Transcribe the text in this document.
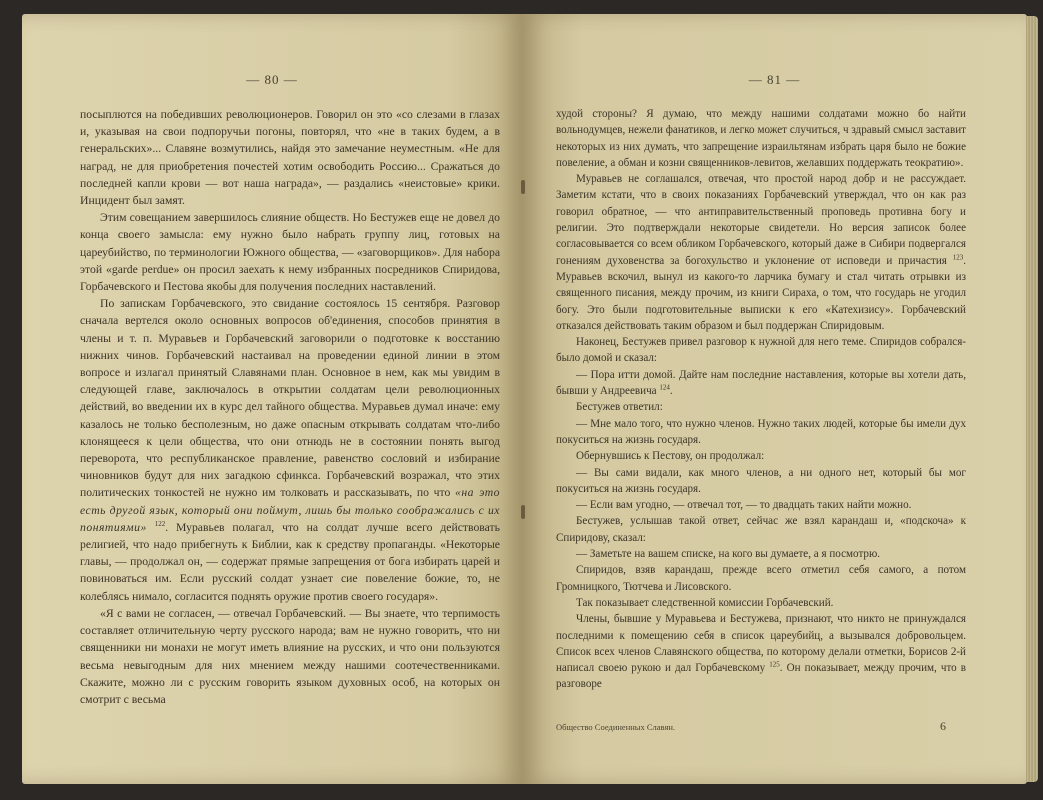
— 80 —

посыплются на победивших революционеров. Говорил он это «со слезами в глазах и, указывая на свои подпоручьи погоны, повторял, что «не в таких будем, а в генеральских»... Славяне возмутились, найдя это замечание неуместным. «Не для наград, не для приобретения почестей хотим освободить Россию... Сражаться до последней капли крови — вот наша награда», — раздались «неистовые» крики. Инцидент был замят.

Этим совещанием завершилось слияние обществ. Но Бестужев еще не довел до конца своего замысла: ему нужно было набрать группу лиц, готовых на цареубийство, по терминологии Южного общества, — «заговорщиков». Для набора этой «garde perdue» он просил заехать к нему избранных посредников Спиридова, Горбачевского и Пестова якобы для получения последних наставлений.

По запискам Горбачевского, это свидание состоялось 15 сентября. Разговор сначала вертелся около основных вопросов об'единения, способов принятия в члены и т. п. Муравьев и Горбачевский заговорили о подготовке к восстанию нижних чинов. Горбачевский настаивал на проведении единой линии в этом вопросе и излагал принятый Славянами план. Основное в нем, как мы увидим в следующей главе, заключалось в открытии солдатам цели революционных действий, во введении их в курс дел тайного общества. Муравьев думал иначе: ему казалось не только бесполезным, но даже опасным открывать солдатам что-либо клонящееся к цели общества, что они отнюдь не в состоянии понять выгод переворота, что республиканское правление, равенство сословий и избирание чиновников будут для них загадкою сфинкса. Горбачевский возражал, что этих политических тонкостей не нужно им толковать и рассказывать, по что «на это есть другой язык, который они поймут, лишь бы только соображались с их понятиями» $^{122}$. Муравьев полагал, что на солдат лучше всего действовать религией, что надо прибегнуть к Библии, как к средству пропаганды. «Некоторые главы, — продолжал он, — содержат прямые запрещения от бога избирать царей и повиноваться им. Если русский солдат узнает сие повеление божие, то, не колеблясь нимало, согласится поднять оружие против своего государя».

«Я с вами не согласен, — отвечал Горбачевский. — Вы знаете, что терпимость составляет отличительную черту русского народа; вам не нужно говорить, что ни священники ни монахи не могут иметь влияние на русских, и что они пользуются весьма невыгодным для них мнением между нашими соотечественниками. Скажите, можно ли с русским говорить языком духовных особ, на которых он смотрит с весьма

— 81 —

худой стороны? Я думаю, что между нашими солдатами можно бо найти вольнодумцев, нежели фанатиков, и легко может случиться, ч здравый смысл заставит некоторых из них думать, что запрещение израильтянам избрать царя было не божие повеление, а обман и козни священников-левитов, желавших поддержать теократию».

Муравьев не соглашался, отвечая, что простой народ добр и не рассуждает. Заметим кстати, что в своих показаниях Горбачевский утверждал, что он как раз говорил обратное, — что антиправительственный проповедь противна богу и религии. Это подтверждали некоторые свидетели. Но версия записок более согласовывается со всем обликом Горбачевского, который даже в Сибири подвергался гонениям духовенства за богохульство и уклонение от исповеди и причастия $^{123}$. Муравьев вскочил, вынул из какого-то ларчика бумагу и стал читать отрывки из священного писания, между прочим, из книги Сираха, о том, что государь не угодил богу. Это были подготовительные выписки к его «Катехизису». Горбачевский отказался действовать таким образом и был поддержан Спиридовым.

Наконец, Бестужев привел разговор к нужной для него теме. Спиридов собрался-было домой и сказал:

— Пора итти домой. Дайте нам последние наставления, которые вы хотели дать, бывши у Андреевича $^{124}$.

Бестужев ответил:

— Мне мало того, что нужно членов. Нужно таких людей, которые бы имели дух покуситься на жизнь государя.

Обернувшись к Пестову, он продолжал:

— Вы сами видали, как много членов, а ни одного нет, который бы мог покуситься на жизнь государя.

— Если вам угодно, — отвечал тот, — то двадцать таких найти можно.

Бестужев, услышав такой ответ, сейчас же взял карандаш и, «подскоча» к Спиридову, сказал:

— Заметьте на вашем списке, на кого вы думаете, а я посмотрю.

Спиридов, взяв карандаш, прежде всего отметил себя самого, а потом Громницкого, Тютчева и Лисовского.

Так показывает следственной комиссии Горбачевский.

Члены, бывшие у Муравьева и Бестужева, признают, что никто не принуждался последними к помещению себя в список цареубийц, а вызывался добровольцем. Список всех членов Славянского общества, по которому делали отметки, Борисов 2-й написал своею рукою и дал Горбачевскому $^{125}$. Он показывает, между прочим, что в разговоре

Общество Соединенных Славян.	6
